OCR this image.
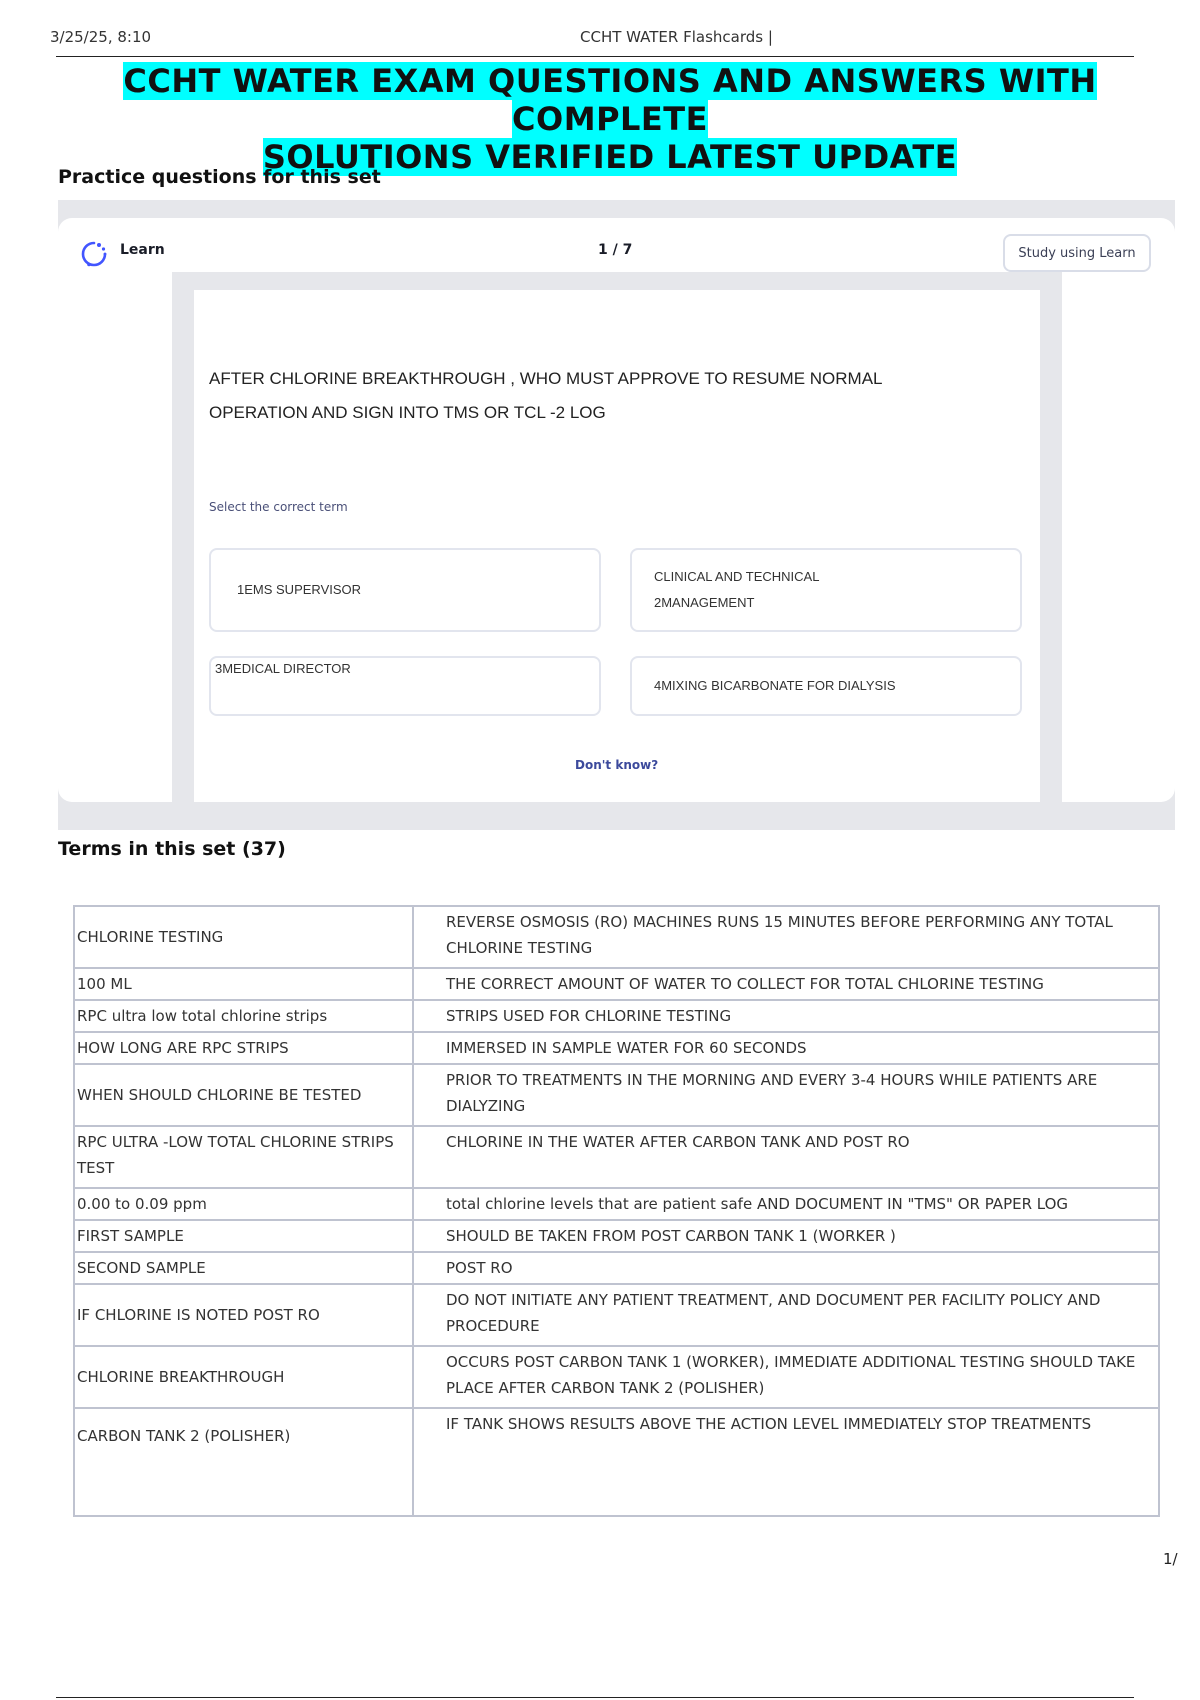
3/25/25, 8:10	CCHT WATER Flashcards |
CCHT WATER EXAM QUESTIONS AND ANSWERS WITH COMPLETE
SOLUTIONS VERIFIED LATEST UPDATE
Practice questions for this set
Learn	1 / 7	Study using Learn
AFTER CHLORINE BREAKTHROUGH , WHO MUST APPROVE TO RESUME NORMAL OPERATION AND SIGN INTO TMS OR TCL -2 LOG
Select the correct term
1EMS SUPERVISOR
CLINICAL AND TECHNICAL
2MANAGEMENT
3MEDICAL DIRECTOR
4MIXING BICARBONATE FOR DIALYSIS
Don't know?
Terms in this set (37)
CHLORINE TESTING	REVERSE OSMOSIS (RO) MACHINES RUNS 15 MINUTES BEFORE PERFORMING ANY TOTAL CHLORINE TESTING
100 ML	THE CORRECT AMOUNT OF WATER TO COLLECT FOR TOTAL CHLORINE TESTING
RPC ultra low total chlorine strips	STRIPS USED FOR CHLORINE TESTING
HOW LONG ARE RPC STRIPS	IMMERSED IN SAMPLE WATER FOR 60 SECONDS
WHEN SHOULD CHLORINE BE TESTED	PRIOR TO TREATMENTS IN THE MORNING AND EVERY 3-4 HOURS WHILE PATIENTS ARE DIALYZING
RPC ULTRA -LOW TOTAL CHLORINE STRIPS TEST	CHLORINE IN THE WATER AFTER CARBON TANK AND POST RO
0.00 to 0.09 ppm	total chlorine levels that are patient safe AND DOCUMENT IN "TMS" OR PAPER LOG
FIRST SAMPLE	SHOULD BE TAKEN FROM POST CARBON TANK 1 (WORKER )
SECOND SAMPLE	POST RO
IF CHLORINE IS NOTED POST RO	DO NOT INITIATE ANY PATIENT TREATMENT, AND DOCUMENT PER FACILITY POLICY AND PROCEDURE
CHLORINE BREAKTHROUGH	OCCURS POST CARBON TANK 1 (WORKER), IMMEDIATE ADDITIONAL TESTING SHOULD TAKE PLACE AFTER CARBON TANK 2 (POLISHER)
CARBON TANK 2 (POLISHER)	IF TANK SHOWS RESULTS ABOVE THE ACTION LEVEL IMMEDIATELY STOP TREATMENTS
1/
